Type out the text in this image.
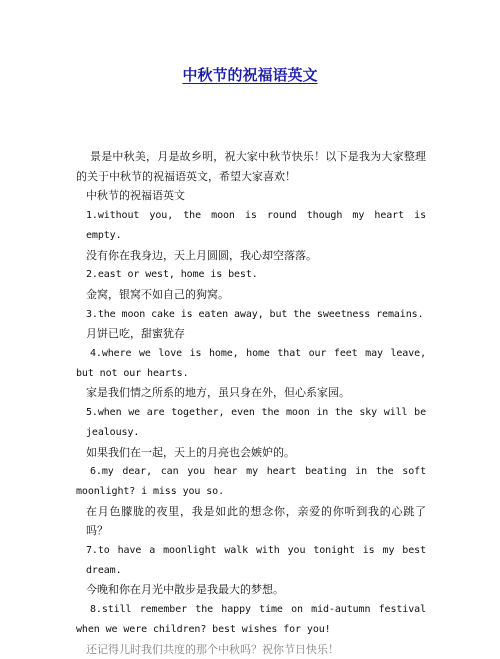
中秋节的祝福语英文

景是中秋美，月是故乡明，祝大家中秋节快乐！以下是我为大家整理的关于中秋节的祝福语英文，希望大家喜欢！

中秋节的祝福语英文

1.without you, the moon is round though my heart is empty.

没有你在我身边，天上月圆圆，我心却空落落。

2.east or west, home is best.

金窝，银窝不如自己的狗窝。

3.the moon cake is eaten away, but the sweetness remains.

月饼已吃，甜蜜犹存

4.where we love is home, home that our feet may leave, but not our hearts.

家是我们情之所系的地方，虽只身在外，但心系家园。

5.when we are together, even the moon in the sky will be jealousy.

如果我们在一起，天上的月亮也会嫉妒的。

6.my dear, can you hear my heart beating in the soft moonlight? i miss you so.

在月色朦胧的夜里，我是如此的想念你，亲爱的你听到我的心跳了吗？

7.to have a moonlight walk with you tonight is my best dream.

今晚和你在月光中散步是我最大的梦想。

8.still remember the happy time on mid-autumn festival when we were children? best wishes for you!

还记得儿时我们共度的那个中秋吗？祝你节日快乐！
